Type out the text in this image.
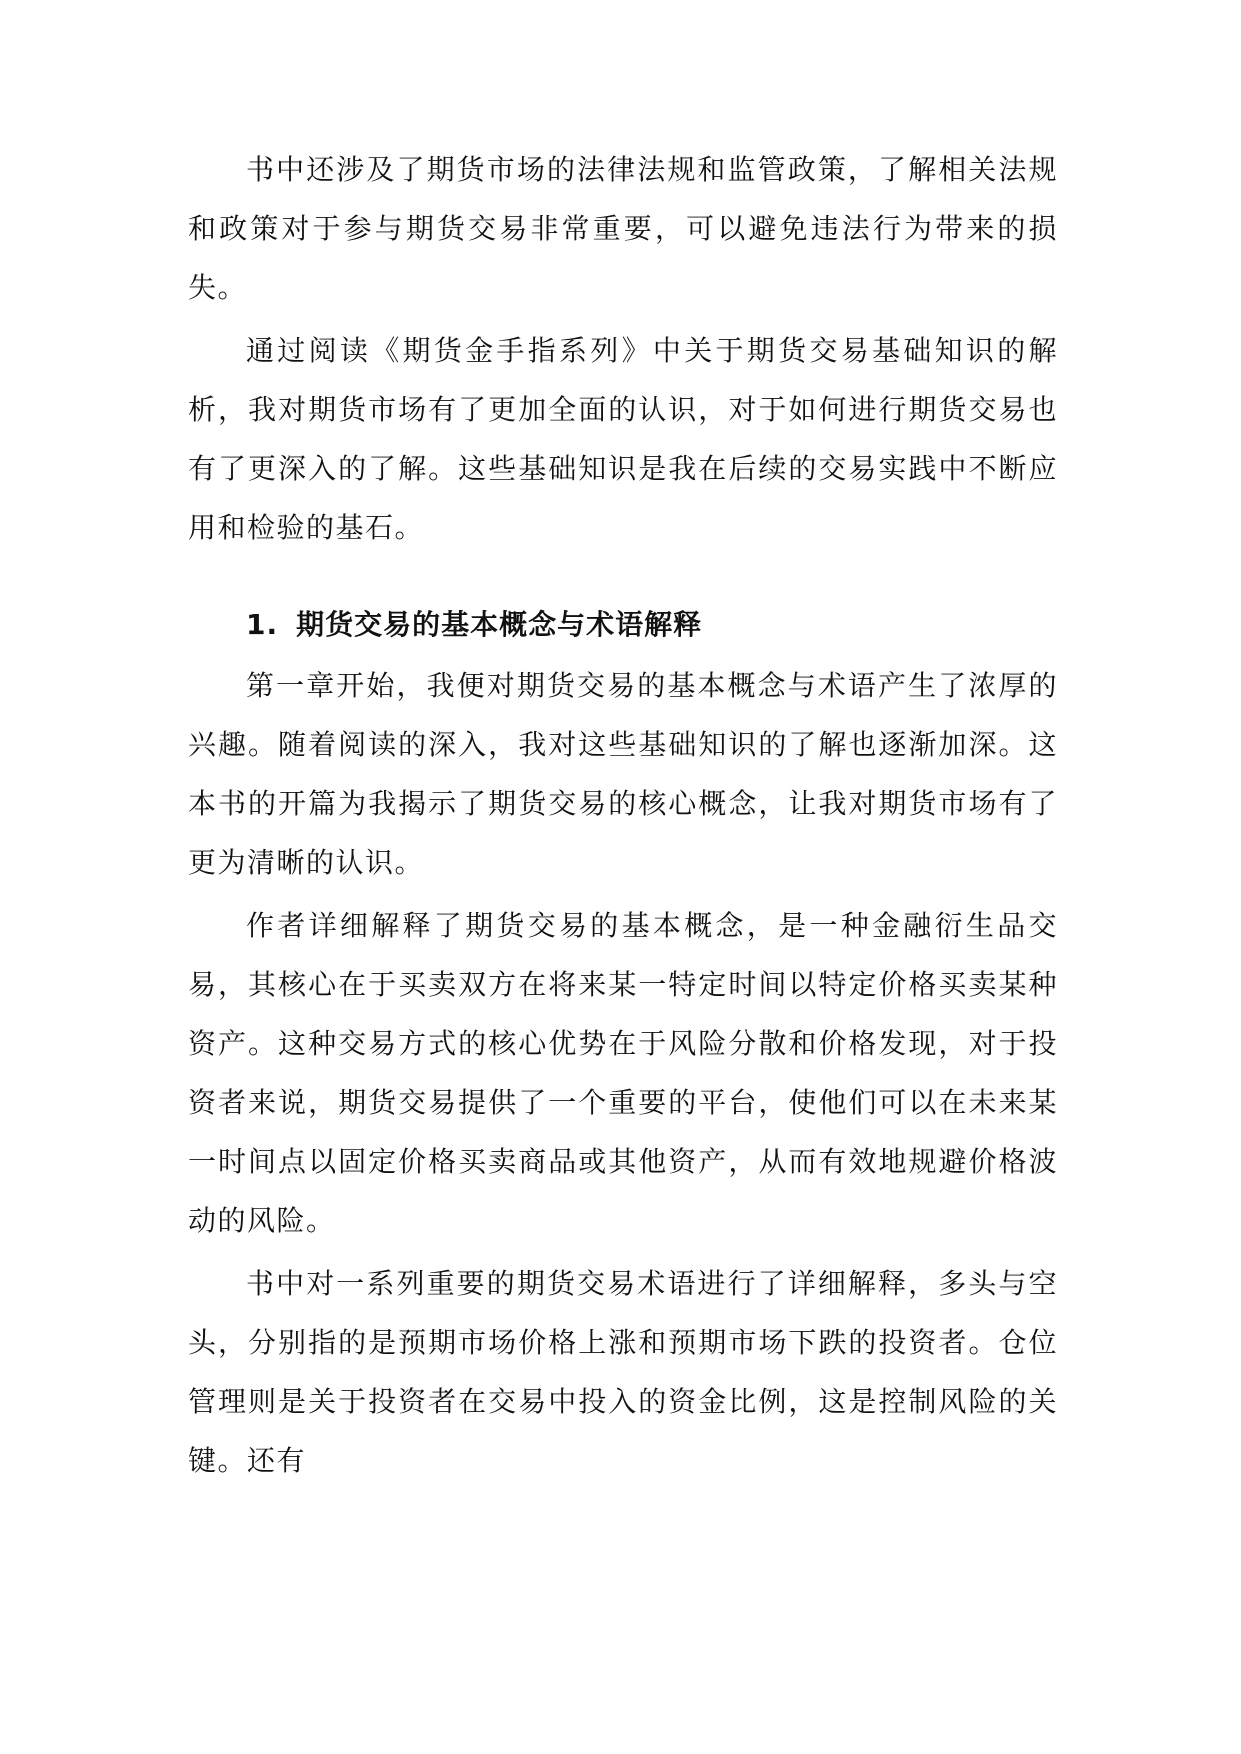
书中还涉及了期货市场的法律法规和监管政策，了解相关法规和政策对于参与期货交易非常重要，可以避免违法行为带来的损失。

通过阅读《期货金手指系列》中关于期货交易基础知识的解析，我对期货市场有了更加全面的认识，对于如何进行期货交易也有了更深入的了解。这些基础知识是我在后续的交易实践中不断应用和检验的基石。

1. 期货交易的基本概念与术语解释

第一章开始，我便对期货交易的基本概念与术语产生了浓厚的兴趣。随着阅读的深入，我对这些基础知识的了解也逐渐加深。这本书的开篇为我揭示了期货交易的核心概念，让我对期货市场有了更为清晰的认识。

作者详细解释了期货交易的基本概念，是一种金融衍生品交易，其核心在于买卖双方在将来某一特定时间以特定价格买卖某种资产。这种交易方式的核心优势在于风险分散和价格发现，对于投资者来说，期货交易提供了一个重要的平台，使他们可以在未来某一时间点以固定价格买卖商品或其他资产，从而有效地规避价格波动的风险。

书中对一系列重要的期货交易术语进行了详细解释，多头与空头，分别指的是预期市场价格上涨和预期市场下跌的投资者。仓位管理则是关于投资者在交易中投入的资金比例，这是控制风险的关键。还有
